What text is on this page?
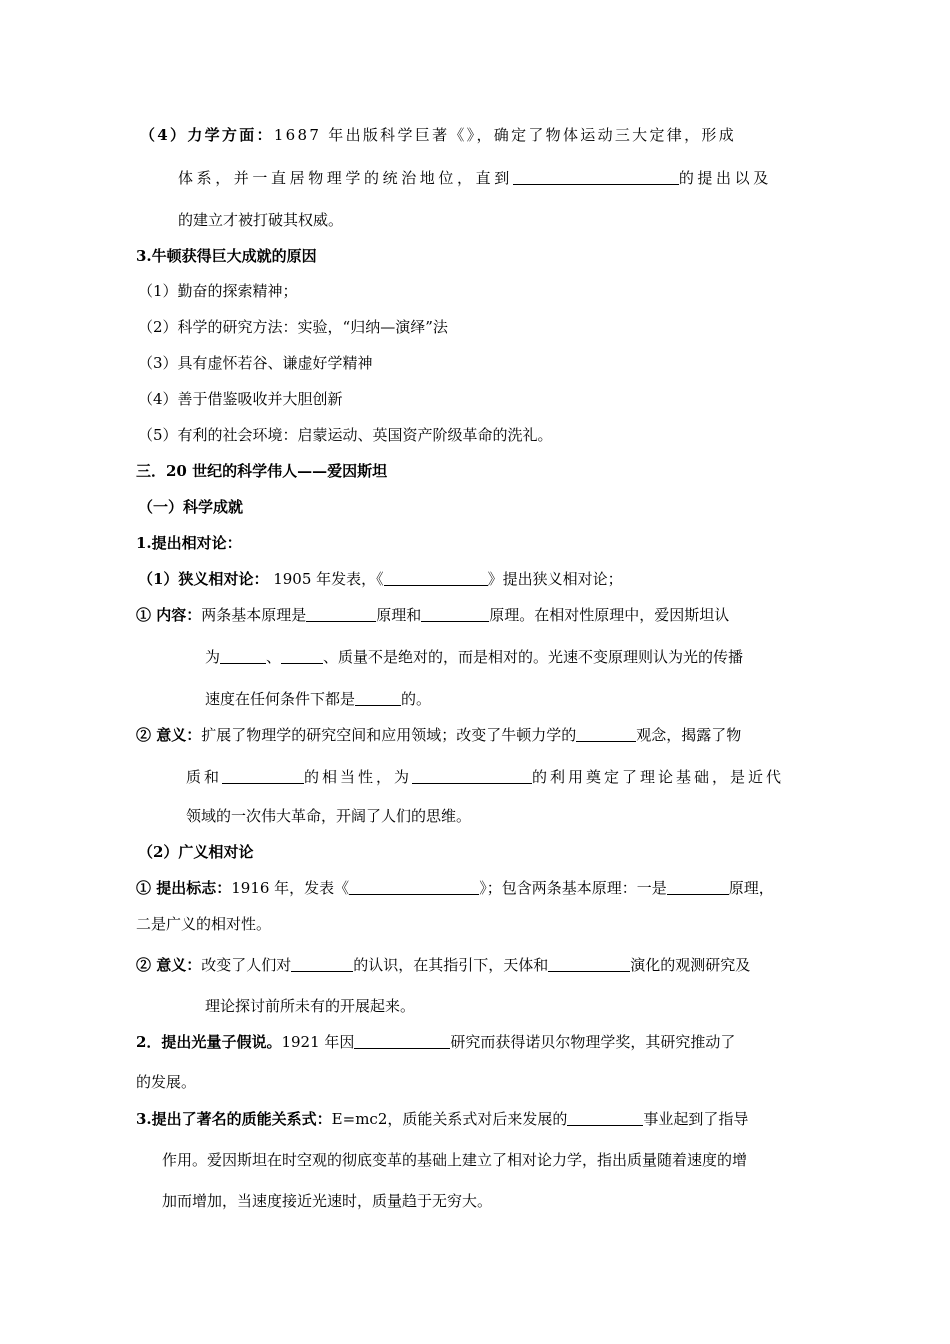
（4）力学方面：1687 年出版科学巨著《》，确定了物体运动三大定律，形成
体系，并一直居物理学的统治地位，直到	的提出以及
的建立才被打破其权威。
3.牛顿获得巨大成就的原因
（1）勤奋的探索精神；
（2）科学的研究方法：实验，“归纳—演绎”法
（3）具有虚怀若谷、谦虚好学精神
（4）善于借鉴吸收并大胆创新
（5）有利的社会环境：启蒙运动、英国资产阶级革命的洗礼。
三．20 世纪的科学伟人——爱因斯坦
（一）科学成就
1.提出相对论：
（1）狭义相对论： 1905 年发表，《	》提出狭义相对论；
① 内容：两条基本原理是	原理和	原理。在相对性原理中，爱因斯坦认
为	、	、质量不是绝对的，而是相对的。光速不变原理则认为光的传播
速度在任何条件下都是	的。
② 意义：扩展了物理学的研究空间和应用领域；改变了牛顿力学的	观念，揭露了物
质和	的相当性，为	的利用奠定了理论基础，是近代
领域的一次伟大革命，开阔了人们的思维。
（2）广义相对论
① 提出标志：1916 年，发表《	》；包含两条基本原理：一是	原理，
二是广义的相对性。
② 意义：改变了人们对	的认识，在其指引下，天体和	演化的观测研究及
理论探讨前所未有的开展起来。
2．提出光量子假说。1921 年因	研究而获得诺贝尔物理学奖，其研究推动了
的发展。
3.提出了著名的质能关系式：E=mc2，质能关系式对后来发展的	事业起到了指导
作用。爱因斯坦在时空观的彻底变革的基础上建立了相对论力学，指出质量随着速度的增
加而增加，当速度接近光速时，质量趋于无穷大。
